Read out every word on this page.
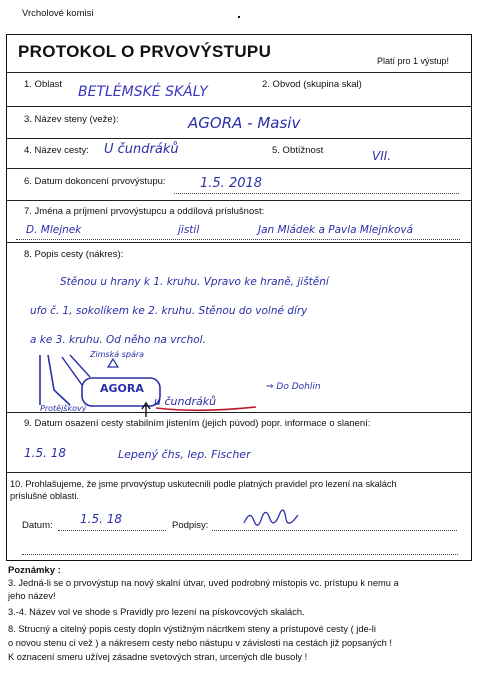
Vrcholové komisi
PROTOKOL O PRVOVÝSTUPU	Platí pro 1 výstup!
1. Oblast BETLÉMSKÉ SKÁLY	2. Obvod (skupina skal)
3. Název steny (veže):	AGORA - Masiv
4. Název cesty: U čundráků	5. Obtížnost	VII.
6. Datum dokoncení prvovýstupu:	1.5. 2018
7. Jména a príjmení prvovýstupcu a oddílová príslušnost:
D. Mlejnek	jistil	Jan Mládek a Pavla Mlejnková
8. Popis cesty (nákres):
Stěnou u hrany k 1. kruhu. Vpravo ke hraně, jištění
ufo č. 1, sokolíkem ke 2. kruhu. Stěnou do volné díry
a ke 3. kruhu. Od něho na vrchol.
AGORA
Zimská spára
Protějškový
u čundráků
⇒ Do Dohlin
9. Datum osazení cesty stabilním jistením (jejich pùvod) popr. informace o slanení:
1.5. 18	Lepený čhs, lep. Fischer
10. Prohlašujeme, že jsme prvovýstup uskutecnili podle platných pravidel pro lezení na skalách
príslušné oblasti.
Datum: 1.5. 18	Podpisy:
Poznámky :
3. Jedná-li se o prvovýstup na nový skalní útvar, uved podrobný místopis vc. prístupu k nemu a
jeho název!
3.-4. Název vol ve shode s Pravidly pro lezení na pískovcových skalách.
8. Strucný a citelný popis cesty dopln výstižným nácrtkem steny a prístupové cesty ( jde-li
o novou stenu ci vež ) a nákresem cesty nebo nástupu v závislosti na cestách již popsaných !
K oznacení smeru užívej zásadne svetových stran, urcených dle busoly !
